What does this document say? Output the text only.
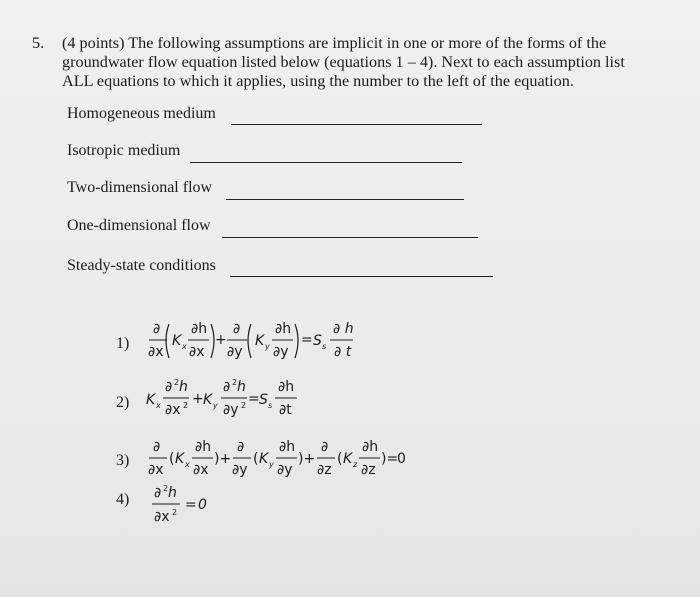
5. (4 points) The following assumptions are implicit in one or more of the forms of the
groundwater flow equation listed below (equations 1 – 4). Next to each assumption list
ALL equations to which it applies, using the number to the left of the equation.
Homogeneous medium
Isotropic medium
Two-dimensional flow
One-dimensional flow
Steady-state conditions
1)
2)
3)
4)
∂
∂x
K x
∂h
∂x
+
∂
∂y
K y
∂h
∂y
= S s
∂ h
∂ t
K x
∂ 2 h
∂x 2 + K y
∂ 2 h
∂y 2 = S s
∂h
∂t
∂
∂x
( K x
∂h
∂x
)+
∂
∂y
( K y
∂h
∂y
)+
∂
∂z
( K z
∂h
∂z
)=
0
∂ 2 h
∂x 2 = 0
